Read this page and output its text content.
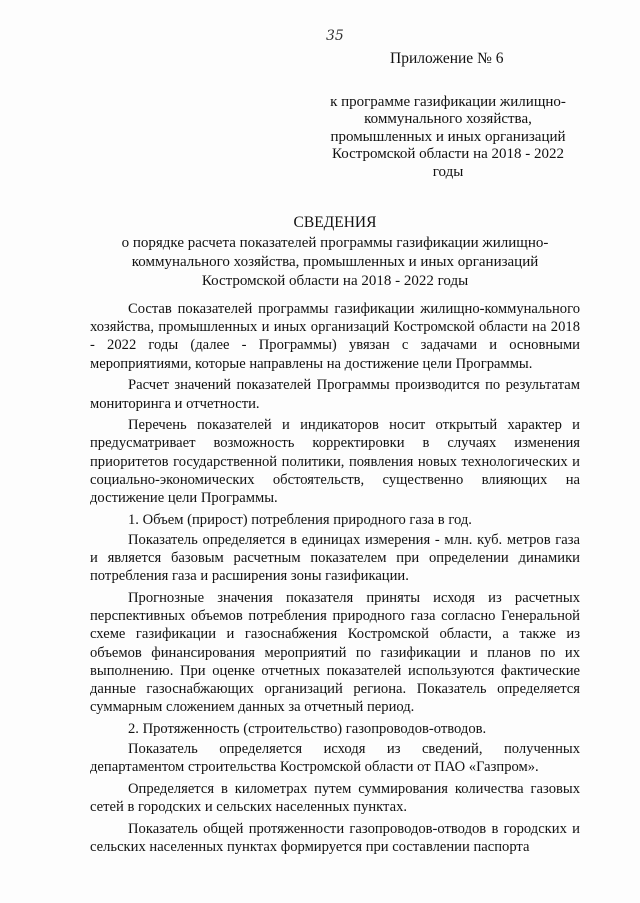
35
Приложение № 6
к программе газификации жилищно-коммунального хозяйства, промышленных и иных организаций Костромской области на 2018 - 2022 годы
СВЕДЕНИЯ
о порядке расчета показателей программы газификации жилищно-коммунального хозяйства, промышленных и иных организаций Костромской области на 2018 - 2022 годы

Состав показателей программы газификации жилищно-коммунального хозяйства, промышленных и иных организаций Костромской области на 2018 - 2022 годы (далее - Программы) увязан с задачами и основными мероприятиями, которые направлены на достижение цели Программы.

Расчет значений показателей Программы производится по результатам мониторинга и отчетности.

Перечень показателей и индикаторов носит открытый характер и предусматривает возможность корректировки в случаях изменения приоритетов государственной политики, появления новых технологических и социально-экономических обстоятельств, существенно влияющих на достижение цели Программы.

1. Объем (прирост) потребления природного газа в год.

Показатель определяется в единицах измерения - млн. куб. метров газа и является базовым расчетным показателем при определении динамики потребления газа и расширения зоны газификации.

Прогнозные значения показателя приняты исходя из расчетных перспективных объемов потребления природного газа согласно Генеральной схеме газификации и газоснабжения Костромской области, а также из объемов финансирования мероприятий по газификации и планов по их выполнению. При оценке отчетных показателей используются фактические данные газоснабжающих организаций региона. Показатель определяется суммарным сложением данных за отчетный период.

2. Протяженность (строительство) газопроводов-отводов.

Показатель определяется исходя из сведений, полученных департаментом строительства Костромской области от ПАО «Газпром».

Определяется в километрах путем суммирования количества газовых сетей в городских и сельских населенных пунктах.

Показатель общей протяженности газопроводов-отводов в городских и сельских населенных пунктах формируется при составлении паспорта
